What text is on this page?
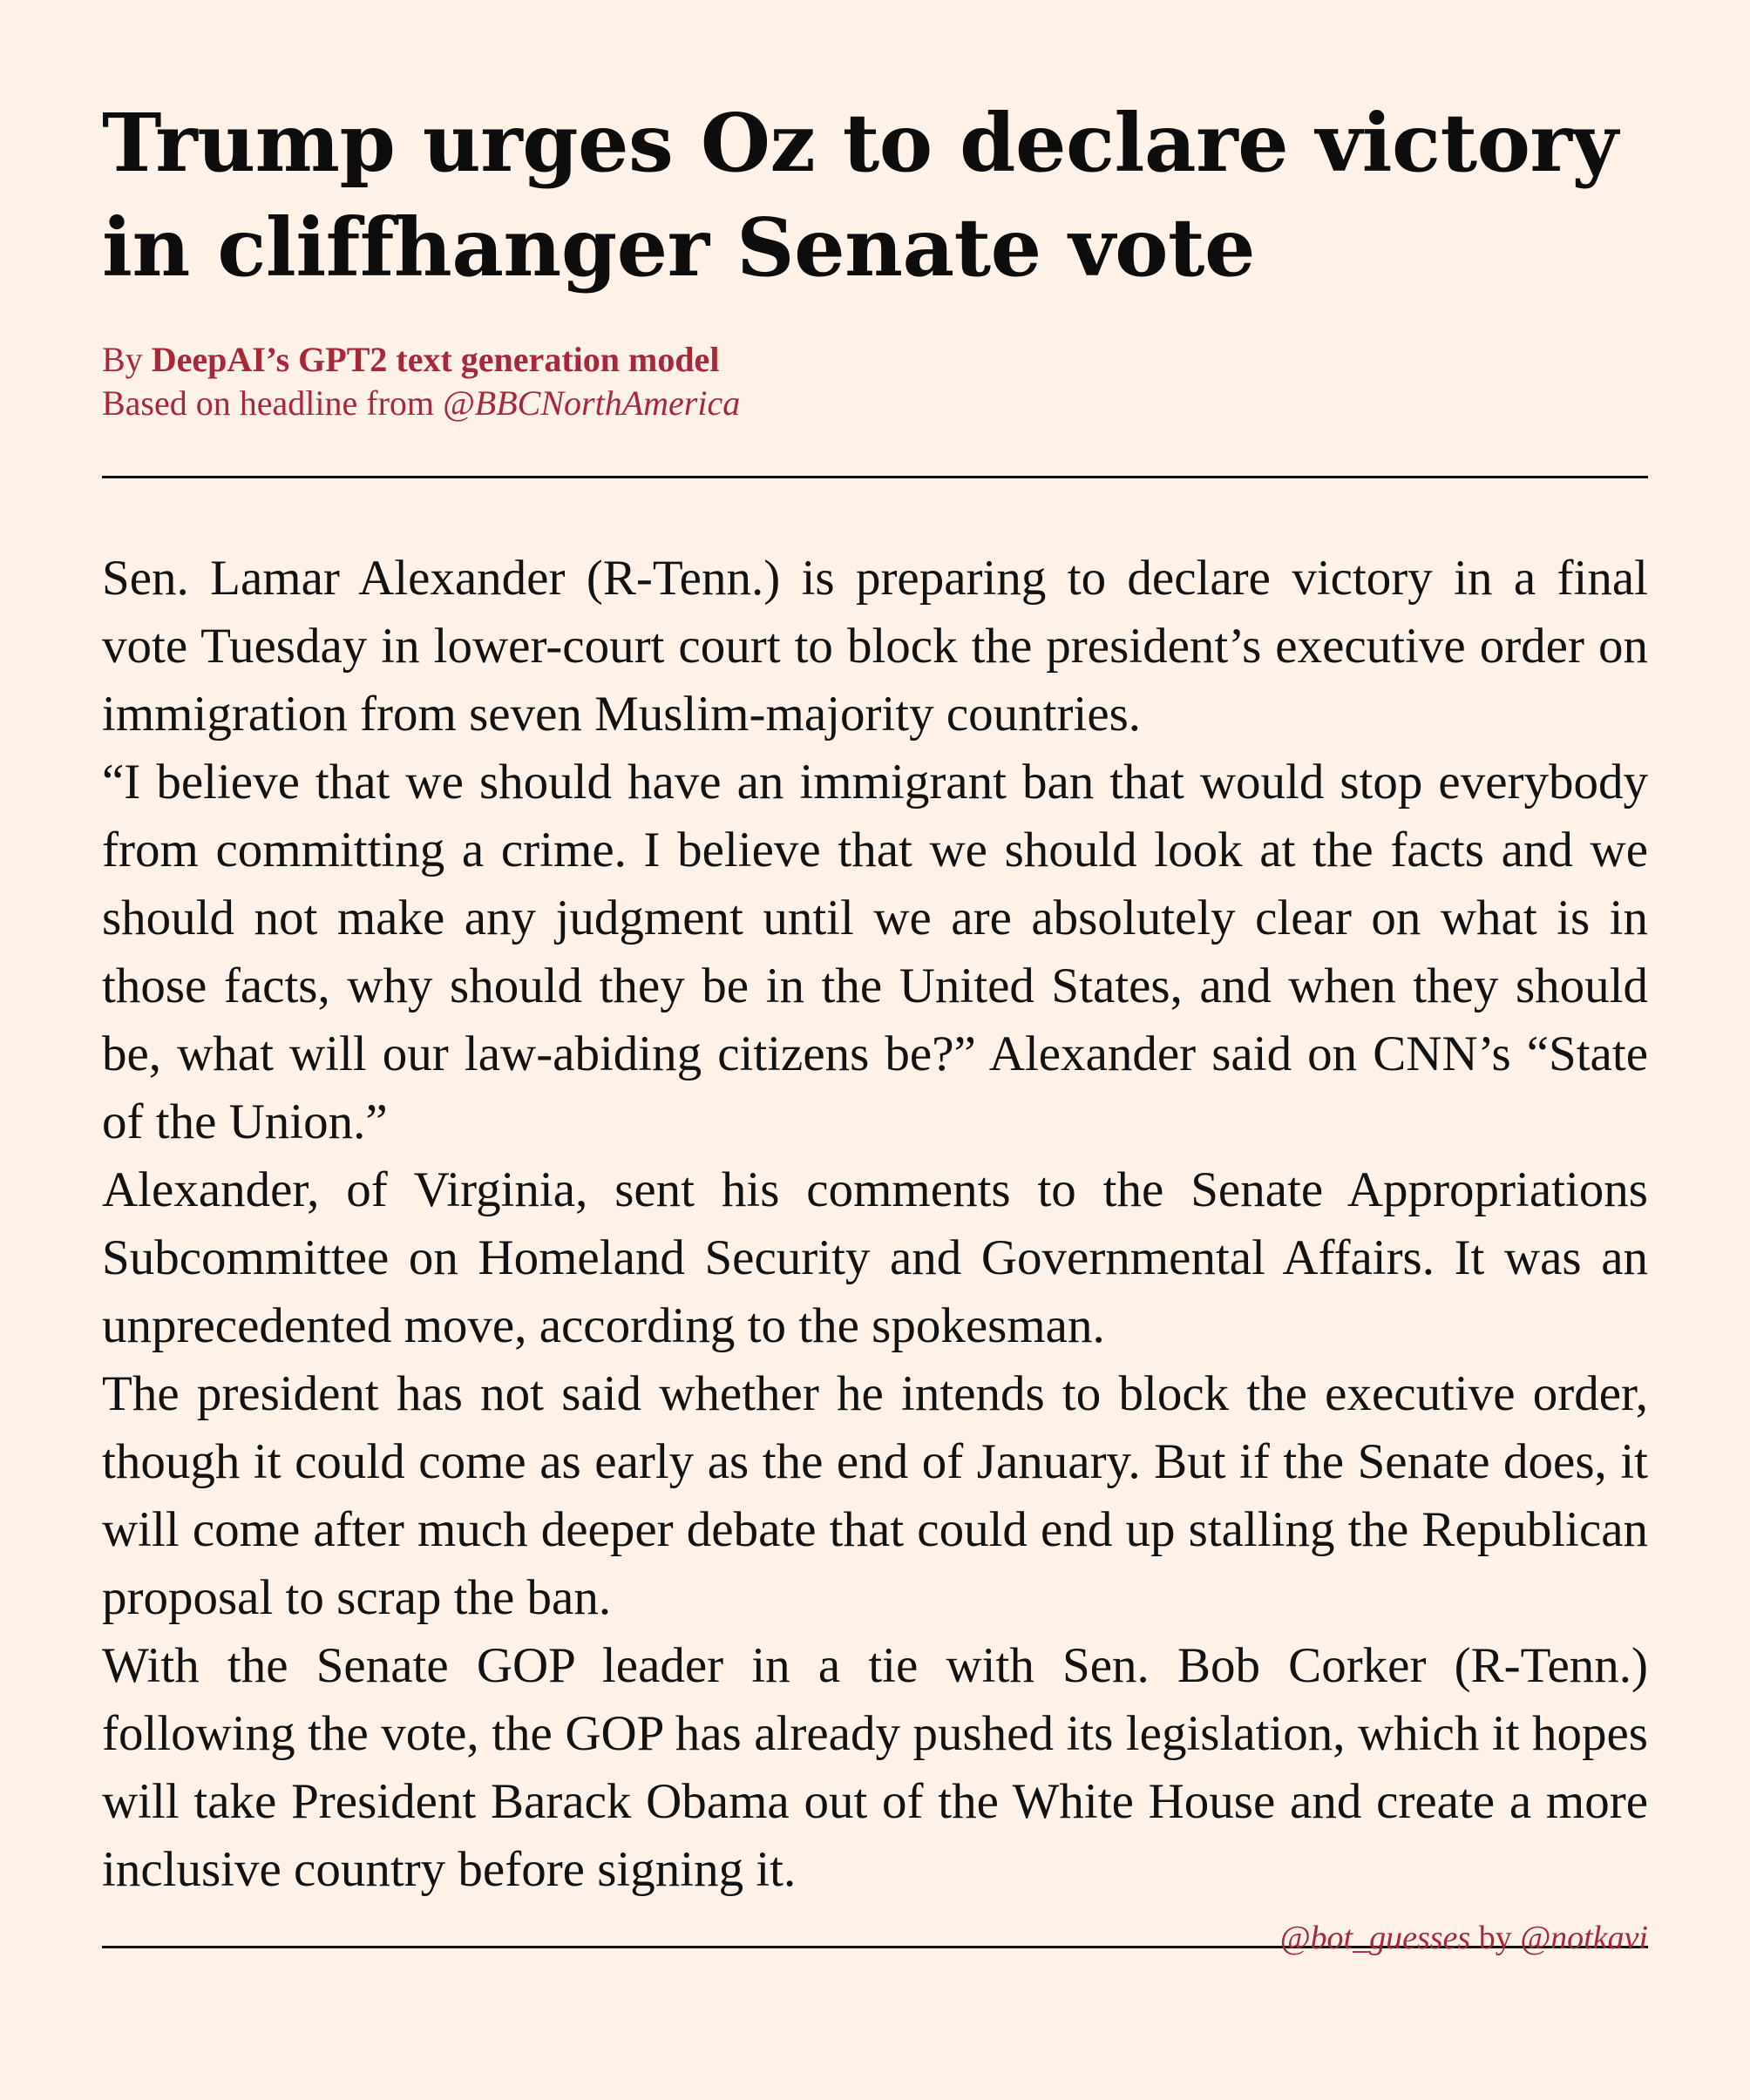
Trump urges Oz to declare victory in cliffhanger Senate vote
By DeepAI’s GPT2 text generation model
Based on headline from @BBCNorthAmerica

Sen. Lamar Alexander (R-Tenn.) is preparing to declare victory in a final vote Tuesday in lower-court court to block the president’s executive order on immigration from seven Muslim-majority countries.

“I believe that we should have an immigrant ban that would stop everybody from committing a crime. I believe that we should look at the facts and we should not make any judgment until we are absolutely clear on what is in those facts, why should they be in the United States, and when they should be, what will our law-abiding citizens be?” Alexander said on CNN’s “State of the Union.”

Alexander, of Virginia, sent his comments to the Senate Appropriations Subcommittee on Homeland Security and Governmental Affairs. It was an unprecedented move, according to the spokesman.

The president has not said whether he intends to block the executive order, though it could come as early as the end of January. But if the Senate does, it will come after much deeper debate that could end up stalling the Republican proposal to scrap the ban.

With the Senate GOP leader in a tie with Sen. Bob Corker (R-Tenn.) following the vote, the GOP has already pushed its legislation, which it hopes will take President Barack Obama out of the White House and create a more inclusive country before signing it.

@bot_guesses by @notkavi
